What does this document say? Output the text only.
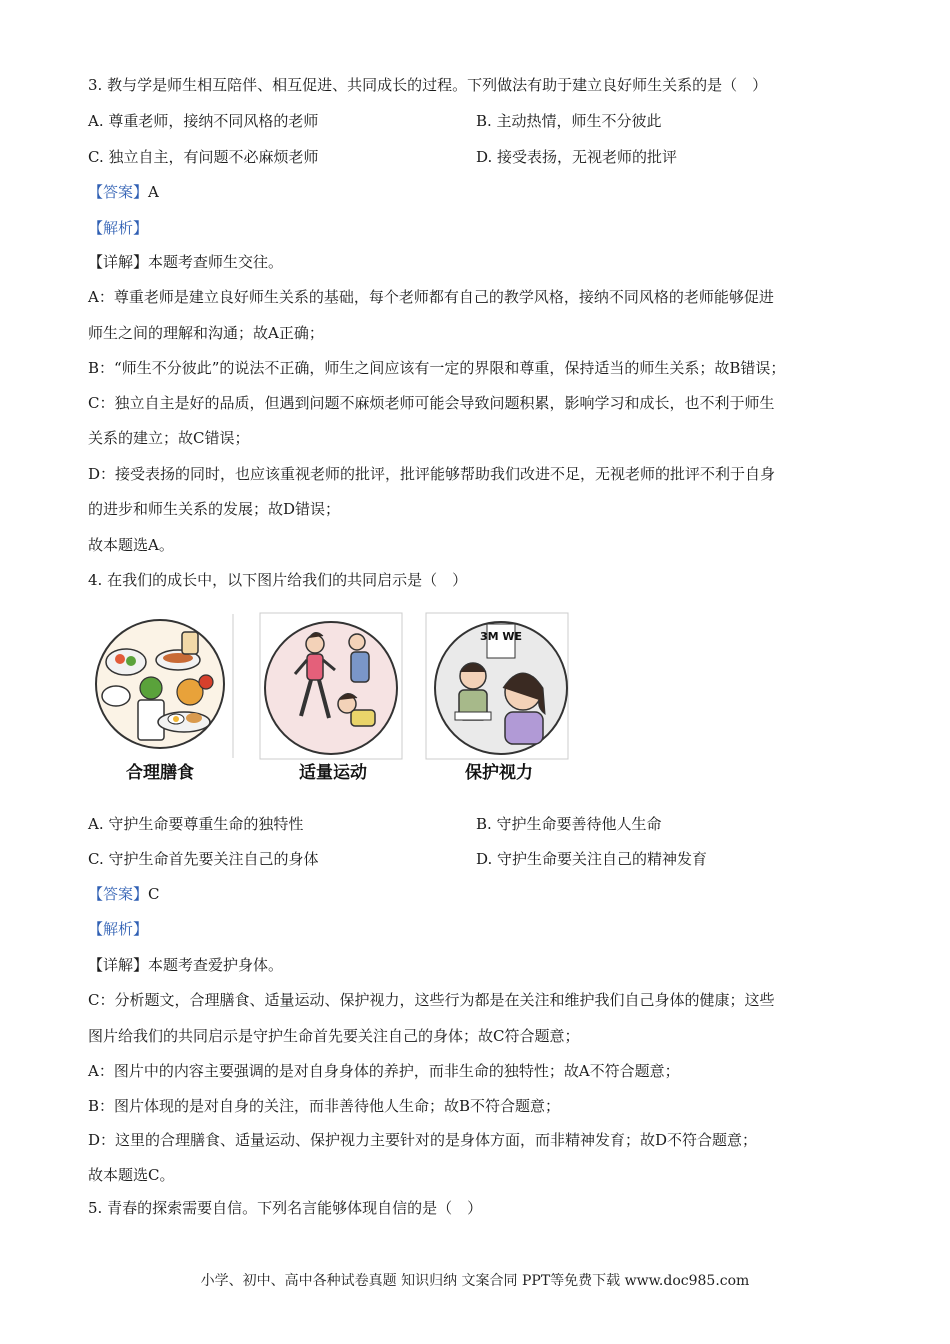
3. 教与学是师生相互陪伴、相互促进、共同成长的过程。下列做法有助于建立良好师生关系的是（　）
A. 尊重老师，接纳不同风格的老师	B. 主动热情，师生不分彼此
C. 独立自主，有问题不必麻烦老师	D. 接受表扬，无视老师的批评
【答案】A
【解析】
【详解】本题考查师生交往。
A：尊重老师是建立良好师生关系的基础，每个老师都有自己的教学风格，接纳不同风格的老师能够促进
师生之间的理解和沟通；故A正确；
B：“师生不分彼此”的说法不正确，师生之间应该有一定的界限和尊重，保持适当的师生关系；故B错误；
C：独立自主是好的品质，但遇到问题不麻烦老师可能会导致问题积累，影响学习和成长，也不利于师生
关系的建立；故C错误；
D：接受表扬的同时，也应该重视老师的批评，批评能够帮助我们改进不足，无视老师的批评不利于自身
的进步和师生关系的发展；故D错误；
故本题选A。
4. 在我们的成长中，以下图片给我们的共同启示是（　）
3M WE
合理膳食	适量运动	保护视力
A. 守护生命要尊重生命的独特性	B. 守护生命要善待他人生命
C. 守护生命首先要关注自己的身体	D. 守护生命要关注自己的精神发育
【答案】C
【解析】
【详解】本题考查爱护身体。
C：分析题文，合理膳食、适量运动、保护视力，这些行为都是在关注和维护我们自己身体的健康；这些
图片给我们的共同启示是守护生命首先要关注自己的身体；故C符合题意；
A：图片中的内容主要强调的是对自身身体的养护，而非生命的独特性；故A不符合题意；
B：图片体现的是对自身的关注，而非善待他人生命；故B不符合题意；
D：这里的合理膳食、适量运动、保护视力主要针对的是身体方面，而非精神发育；故D不符合题意；
故本题选C。
5. 青春的探索需要自信。下列名言能够体现自信的是（　）
小学、初中、高中各种试卷真题 知识归纳 文案合同 PPT等免费下载 www.doc985.com
